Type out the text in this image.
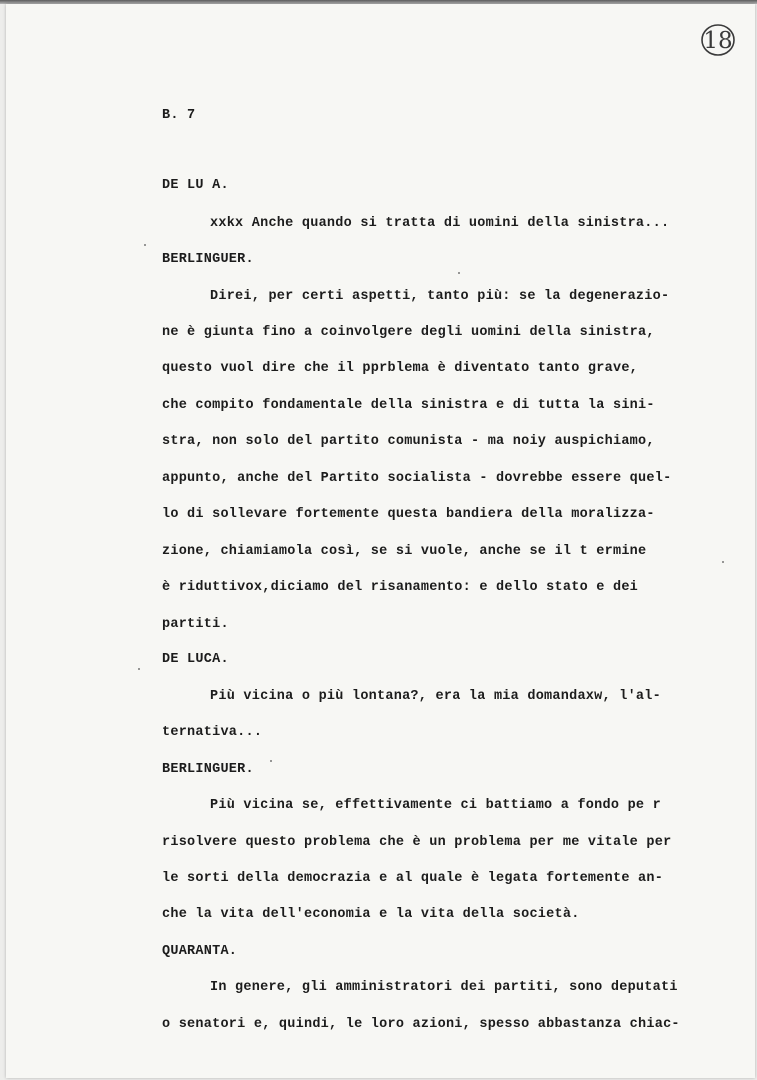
18

B. 7

DE LU A.

xxkx Anche quando si tratta di uomini della sinistra...

BERLINGUER.

Direi, per certi aspetti, tanto più: se la degenerazio-

ne è giunta fino a coinvolgere degli uomini della sinistra,

questo vuol dire che il pprblema è diventato tanto grave,

che compito fondamentale della sinistra e di tutta la sini-

stra, non solo del partito comunista - ma noiy auspichiamo,

appunto, anche del Partito socialista - dovrebbe essere quel-

lo di sollevare fortemente questa bandiera della moralizza-

zione, chiamiamola così, se si vuole, anche se il t ermine

è riduttivox,diciamo del risanamento: e dello stato e dei

partiti.

DE LUCA.

Più vicina o più lontana?, era la mia domandaxw, l'al-

ternativa...

BERLINGUER.

Più vicina se, effettivamente ci battiamo a fondo pe r

risolvere questo problema che è un problema per me vitale per

le sorti della democrazia e al quale è legata fortemente an-

che la vita dell'economia e la vita della società.

QUARANTA.

In genere, gli amministratori dei partiti, sono deputati

o senatori e, quindi, le loro azioni, spesso abbastanza chiac-
